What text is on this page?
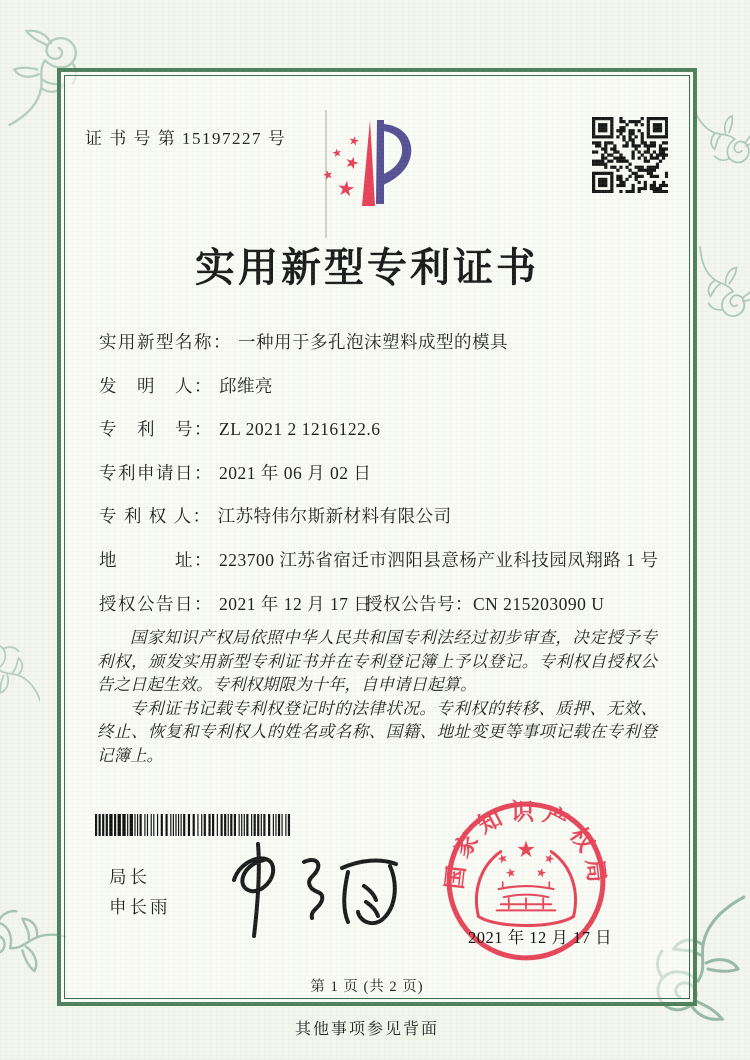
证 书 号 第 15197227 号
实用新型专利证书
实用新型名称： 一种用于多孔泡沫塑料成型的模具
发　明　人： 邱维亮
专　利　号： ZL 2021 2 1216122.6
专利申请日： 2021 年 06 月 02 日
专 利 权 人： 江苏特伟尔斯新材料有限公司
地　　　址： 223700 江苏省宿迁市泗阳县意杨产业科技园凤翔路 1 号
授权公告日： 2021 年 12 月 17 日
授权公告号：CN 215203090 U

国家知识产权局依照中华人民共和国专利法经过初步审查，决定授予专利权，颁发实用新型专利证书并在专利登记簿上予以登记。专利权自授权公告之日起生效。专利权期限为十年，自申请日起算。

专利证书记载专利权登记时的法律状况。专利权的转移、质押、无效、终止、恢复和专利权人的姓名或名称、国籍、地址变更等事项记载在专利登记簿上。

局长
申长雨
国家知识产权局
2021 年 12 月 17 日
第 1 页 (共 2 页)
其他事项参见背面
